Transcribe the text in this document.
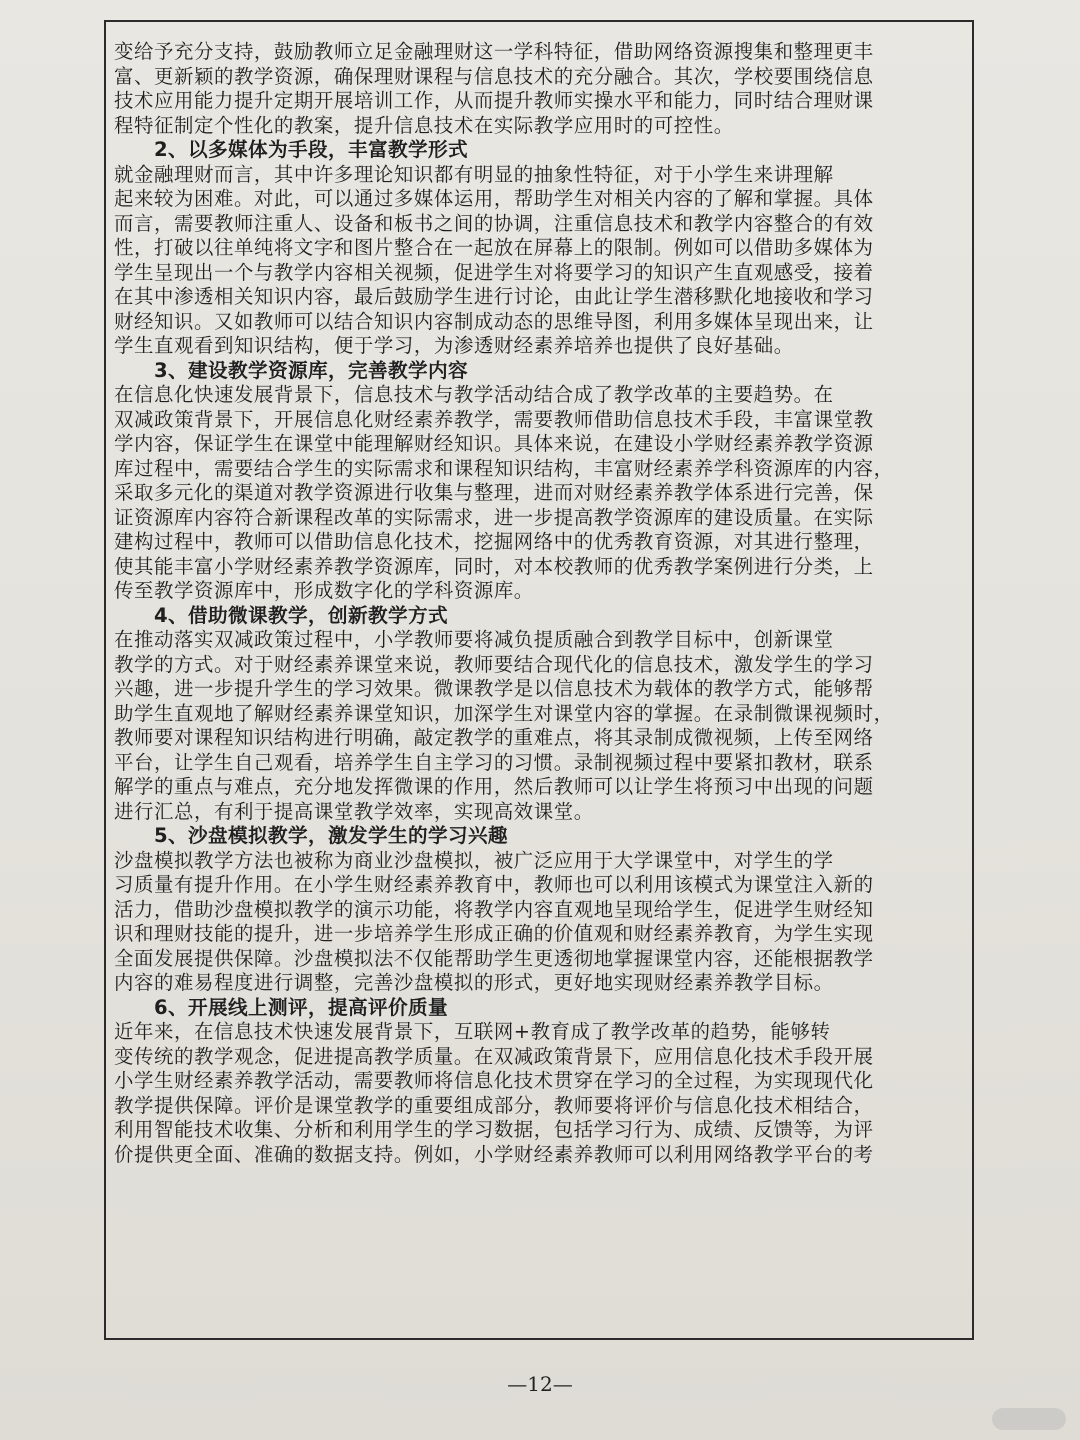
变给予充分支持，鼓励教师立足金融理财这一学科特征，借助网络资源搜集和整理更丰
富、更新颖的教学资源，确保理财课程与信息技术的充分融合。其次，学校要围绕信息
技术应用能力提升定期开展培训工作，从而提升教师实操水平和能力，同时结合理财课
程特征制定个性化的教案，提升信息技术在实际教学应用时的可控性。
2、以多媒体为手段，丰富教学形式
就金融理财而言，其中许多理论知识都有明显的抽象性特征，对于小学生来讲理解
起来较为困难。对此，可以通过多媒体运用，帮助学生对相关内容的了解和掌握。具体
而言，需要教师注重人、设备和板书之间的协调，注重信息技术和教学内容整合的有效
性，打破以往单纯将文字和图片整合在一起放在屏幕上的限制。例如可以借助多媒体为
学生呈现出一个与教学内容相关视频，促进学生对将要学习的知识产生直观感受，接着
在其中渗透相关知识内容，最后鼓励学生进行讨论，由此让学生潜移默化地接收和学习
财经知识。又如教师可以结合知识内容制成动态的思维导图，利用多媒体呈现出来，让
学生直观看到知识结构，便于学习，为渗透财经素养培养也提供了良好基础。
3、建设教学资源库，完善教学内容
在信息化快速发展背景下，信息技术与教学活动结合成了教学改革的主要趋势。在
双减政策背景下，开展信息化财经素养教学，需要教师借助信息技术手段，丰富课堂教
学内容，保证学生在课堂中能理解财经知识。具体来说，在建设小学财经素养教学资源
库过程中，需要结合学生的实际需求和课程知识结构，丰富财经素养学科资源库的内容，
采取多元化的渠道对教学资源进行收集与整理，进而对财经素养教学体系进行完善，保
证资源库内容符合新课程改革的实际需求，进一步提高教学资源库的建设质量。在实际
建构过程中，教师可以借助信息化技术，挖掘网络中的优秀教育资源，对其进行整理，
使其能丰富小学财经素养教学资源库，同时，对本校教师的优秀教学案例进行分类，上
传至教学资源库中，形成数字化的学科资源库。
4、借助微课教学，创新教学方式
在推动落实双减政策过程中，小学教师要将减负提质融合到教学目标中，创新课堂
教学的方式。对于财经素养课堂来说，教师要结合现代化的信息技术，激发学生的学习
兴趣，进一步提升学生的学习效果。微课教学是以信息技术为载体的教学方式，能够帮
助学生直观地了解财经素养课堂知识，加深学生对课堂内容的掌握。在录制微课视频时，
教师要对课程知识结构进行明确，敲定教学的重难点，将其录制成微视频，上传至网络
平台，让学生自己观看，培养学生自主学习的习惯。录制视频过程中要紧扣教材，联系
解学的重点与难点，充分地发挥微课的作用，然后教师可以让学生将预习中出现的问题
进行汇总，有利于提高课堂教学效率，实现高效课堂。
5、沙盘模拟教学，激发学生的学习兴趣
沙盘模拟教学方法也被称为商业沙盘模拟，被广泛应用于大学课堂中，对学生的学
习质量有提升作用。在小学生财经素养教育中，教师也可以利用该模式为课堂注入新的
活力，借助沙盘模拟教学的演示功能，将教学内容直观地呈现给学生，促进学生财经知
识和理财技能的提升，进一步培养学生形成正确的价值观和财经素养教育，为学生实现
全面发展提供保障。沙盘模拟法不仅能帮助学生更透彻地掌握课堂内容，还能根据教学
内容的难易程度进行调整，完善沙盘模拟的形式，更好地实现财经素养教学目标。
6、开展线上测评，提高评价质量
近年来，在信息技术快速发展背景下，互联网+教育成了教学改革的趋势，能够转
变传统的教学观念，促进提高教学质量。在双减政策背景下，应用信息化技术手段开展
小学生财经素养教学活动，需要教师将信息化技术贯穿在学习的全过程，为实现现代化
教学提供保障。评价是课堂教学的重要组成部分，教师要将评价与信息化技术相结合，
利用智能技术收集、分析和利用学生的学习数据，包括学习行为、成绩、反馈等，为评
价提供更全面、准确的数据支持。例如，小学财经素养教师可以利用网络教学平台的考
—12—
